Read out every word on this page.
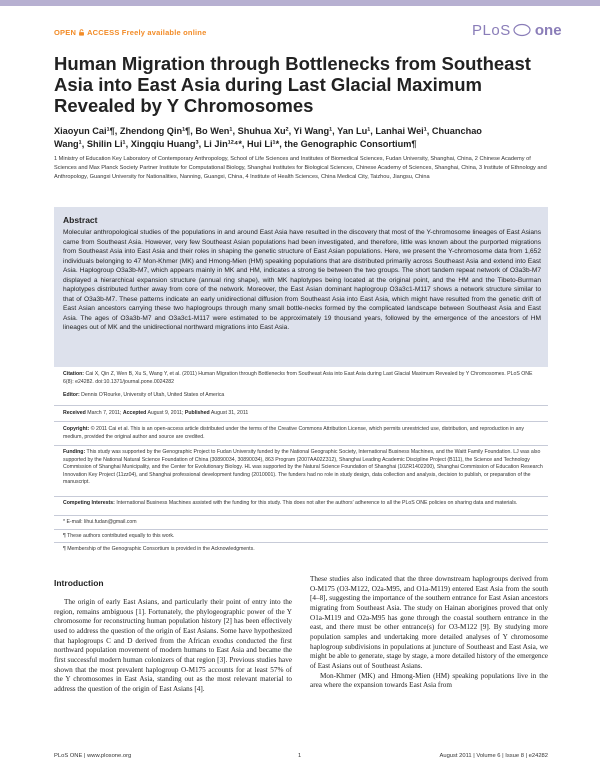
OPEN ACCESS Freely available online	PLoS one
Human Migration through Bottlenecks from Southeast Asia into East Asia during Last Glacial Maximum Revealed by Y Chromosomes
Xiaoyun Cai¹¶, Zhendong Qin¹¶, Bo Wen¹, Shuhua Xu², Yi Wang¹, Yan Lu¹, Lanhai Wei¹, Chuanchao
Wang¹, Shilin Li¹, Xingqiu Huang³, Li Jin¹²⁴*, Hui Li¹*, the Genographic Consortium¶
1 Ministry of Education Key Laboratory of Contemporary Anthropology, School of Life Sciences and Institutes of Biomedical Sciences, Fudan University, Shanghai, China, 2 Chinese Academy of Sciences and Max Planck Society Partner Institute for Computational Biology, Shanghai Institutes for Biological Sciences, Chinese Academy of Sciences, Shanghai, China, 3 Institute of Ethnology and Anthropology, Guangxi University for Nationalities, Nanning, Guangxi, China, 4 Institute of Health Sciences, China Medical City, Taizhou, Jiangsu, China
Abstract
Molecular anthropological studies of the populations in and around East Asia have resulted in the discovery that most of the Y-chromosome lineages of East Asians came from Southeast Asia. However, very few Southeast Asian populations had been investigated, and therefore, little was known about the purported migrations from Southeast Asia into East Asia and their roles in shaping the genetic structure of East Asian populations. Here, we present the Y-chromosome data from 1,652 individuals belonging to 47 Mon-Khmer (MK) and Hmong-Mien (HM) speaking populations that are distributed primarily across Southeast Asia and extend into East Asia. Haplogroup O3a3b-M7, which appears mainly in MK and HM, indicates a strong tie between the two groups. The short tandem repeat network of O3a3b-M7 displayed a hierarchical expansion structure (annual ring shape), with MK haplotypes being located at the original point, and the HM and the Tibeto-Burman haplotypes distributed further away from core of the network. Moreover, the East Asian dominant haplogroup O3a3c1-M117 shows a network structure similar to that of O3a3b-M7. These patterns indicate an early unidirectional diffusion from Southeast Asia into East Asia, which might have resulted from the genetic drift of East Asian ancestors carrying these two haplogroups through many small bottle-necks formed by the complicated landscape between Southeast Asia and East Asia. The ages of O3a3b-M7 and O3a3c1-M117 were estimated to be approximately 19 thousand years, followed by the emergence of the ancestors of HM lineages out of MK and the unidirectional northward migrations into East Asia.
Citation: Cai X, Qin Z, Wen B, Xu S, Wang Y, et al. (2011) Human Migration through Bottlenecks from Southeast Asia into East Asia during Last Glacial Maximum Revealed by Y Chromosomes. PLoS ONE 6(8): e24282. doi:10.1371/journal.pone.0024282
Editor: Dennis O'Rourke, University of Utah, United States of America
Received March 7, 2011; Accepted August 9, 2011; Published August 31, 2011
Copyright: © 2011 Cai et al. This is an open-access article distributed under the terms of the Creative Commons Attribution License, which permits unrestricted use, distribution, and reproduction in any medium, provided the original author and source are credited.
Funding: This study was supported by the Genographic Project to Fudan University funded by the National Geographic Society, International Business Machines, and the Waitt Family Foundation. LJ was also supported by the National Natural Science Foundation of China (30890034, 30890034), 863 Program (2007AA02Z312), Shanghai Leading Academic Discipline Project (B111), the Science and Technology Commission of Shanghai Municipality, and the Center for Evolutionary Biology. HL was supported by the Natural Science Foundation of Shanghai (10ZR1402200), Shanghai Commission of Education Research Innovation Key Project (11zz04), and Shanghai professional development funding (2010001). The funders had no role in study design, data collection and analysis, decision to publish, or preparation of the manuscript.
Competing Interests: International Business Machines assisted with the funding for this study. This does not alter the authors' adherence to all the PLoS ONE policies on sharing data and materials.
* E-mail: lihui.fudan@gmail.com
¶ These authors contributed equally to this work.
¶ Membership of the Genographic Consortium is provided in the Acknowledgments.
Introduction

The origin of early East Asians, and particularly their point of entry into the region, remains ambiguous [1]. Fortunately, the phylogeographic power of the Y chromosome for reconstructing human population history [2] has been effectively used to address the question of the origin of East Asians. Some have hypothesized that haplogroups C and D derived from the African exodus conducted the first northward population movement of modern humans to East Asia and became the first successful modern human colonizers of that region [3]. Previous studies have shown that the most prevalent haplogroup O-M175 accounts for at least 57% of the Y chromosomes in East Asia, standing out as the most relevant material to address the question of the origin of East Asians [4].

These studies also indicated that the three downstream haplogroups derived from O-M175 (O3-M122, O2a-M95, and O1a-M119) entered East Asia from the south [4–8], suggesting the importance of the southern entrance for East Asian ancestors migrating from Southeast Asia. The study on Hainan aborigines proved that only O1a-M119 and O2a-M95 has gone through the coastal southern entrance in the east, and there must be other entrance(s) for O3-M122 [9]. By studying more population samples and undertaking more detailed analyses of Y chromosome haplogroup subdivisions in populations at juncture of Southeast and East Asia, we might be able to generate, stage by stage, a more detailed history of the emergence of East Asians out of Southeast Asians.

Mon-Khmer (MK) and Hmong-Mien (HM) speaking populations live in the area where the expansion towards East Asia from

PLoS ONE | www.plosone.org	1	August 2011 | Volume 6 | Issue 8 | e24282
